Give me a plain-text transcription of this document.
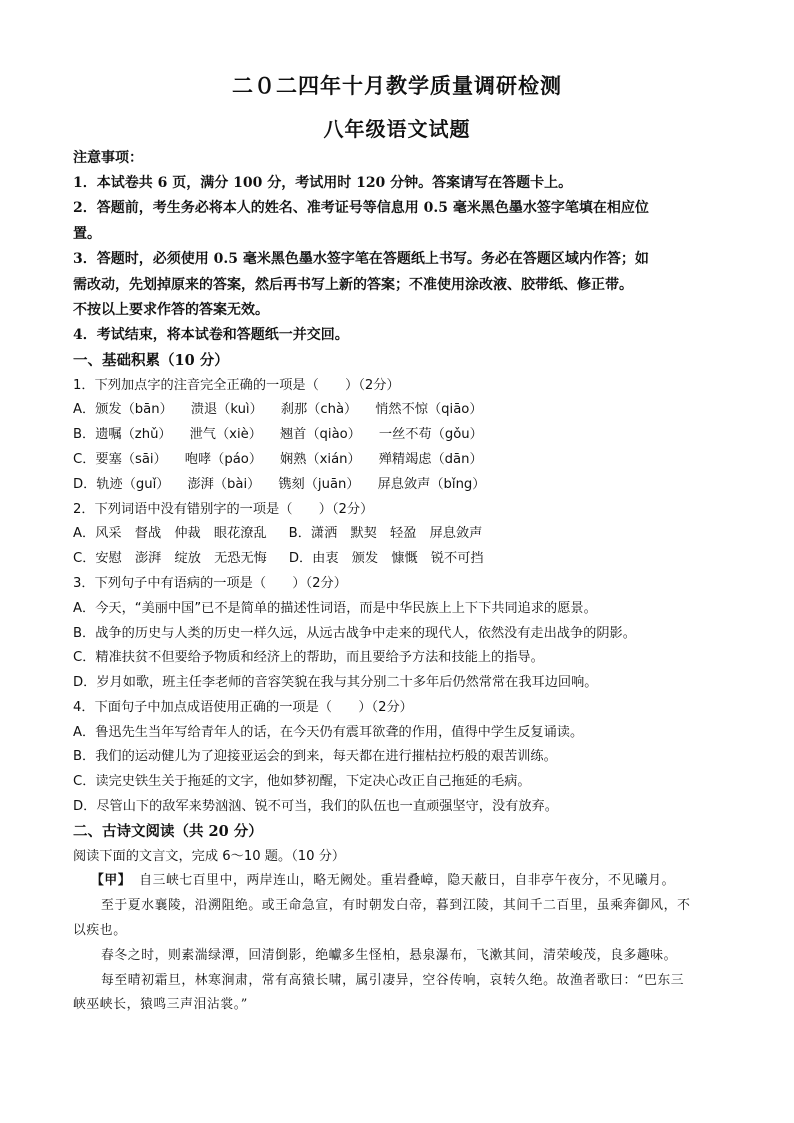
二０二四年十月教学质量调研检测
八年级语文试题
注意事项：
1．本试卷共 6 页，满分 100 分，考试用时 120 分钟。答案请写在答题卡上。
2．答题前，考生务必将本人的姓名、准考证号等信息用 0.5 毫米黑色墨水签字笔填在相应位
置。
3．答题时，必须使用 0.5 毫米黑色墨水签字笔在答题纸上书写。务必在答题区域内作答；如
需改动，先划掉原来的答案，然后再书写上新的答案；不准使用涂改液、胶带纸、修正带。
不按以上要求作答的答案无效。
4．考试结束，将本试卷和答题纸一并交回。
一、基础积累（10 分）
1．下列加点字的注音完全正确的一项是（　　）（2分）
A．颁发（bān） 溃退（kuì） 刹那（chà） 悄然不惊（qiāo）
B．遗嘱（zhǔ） 泄气（xiè） 翘首（qiào） 一丝不苟（gǒu）
C．要塞（sāi） 咆哮（páo） 娴熟（xián） 殚精竭虑（dān）
D．轨迹（guǐ） 澎湃（bài） 镌刻（juān） 屏息敛声（bǐng）
2．下列词语中没有错别字的一项是（　　）（2分）
A．风采　督战　仲裁　眼花潦乱 B．潇洒　默契　轻盈　屏息敛声
C．安慰　澎湃　绽放　无恐无悔 D．由衷　颁发　慷慨　锐不可挡
3．下列句子中有语病的一项是（　　）（2分）
A．今天，“美丽中国”已不是简单的描述性词语，而是中华民族上上下下共同追求的愿景。
B．战争的历史与人类的历史一样久远，从远古战争中走来的现代人，依然没有走出战争的阴影。
C．精准扶贫不但要给予物质和经济上的帮助，而且要给予方法和技能上的指导。
D．岁月如歌，班主任李老师的音容笑貌在我与其分别二十多年后仍然常常在我耳边回响。
4．下面句子中加点成语使用正确的一项是（　　）（2分）
A．鲁迅先生当年写给青年人的话，在今天仍有震耳欲聋的作用，值得中学生反复诵读。
B．我们的运动健儿为了迎接亚运会的到来，每天都在进行摧枯拉朽般的艰苦训练。
C．读完史铁生关于拖延的文字，他如梦初醒，下定决心改正自己拖延的毛病。
D．尽管山下的敌军来势汹汹、锐不可当，我们的队伍也一直顽强坚守，没有放弃。
二、古诗文阅读（共 20 分）
阅读下面的文言文，完成 6～10 题。（10 分）
【甲】 自三峡七百里中，两岸连山，略无阙处。重岩叠嶂，隐天蔽日，自非亭午夜分，不见曦月。
至于夏水襄陵，沿溯阻绝。或王命急宣，有时朝发白帝，暮到江陵，其间千二百里，虽乘奔御风，不
以疾也。
春冬之时，则素湍绿潭，回清倒影，绝巘多生怪柏，悬泉瀑布，飞漱其间，清荣峻茂，良多趣味。
每至晴初霜旦，林寒涧肃，常有高猿长啸，属引凄异，空谷传响，哀转久绝。故渔者歌曰：“巴东三
峡巫峡长，猿鸣三声泪沾裳。”
